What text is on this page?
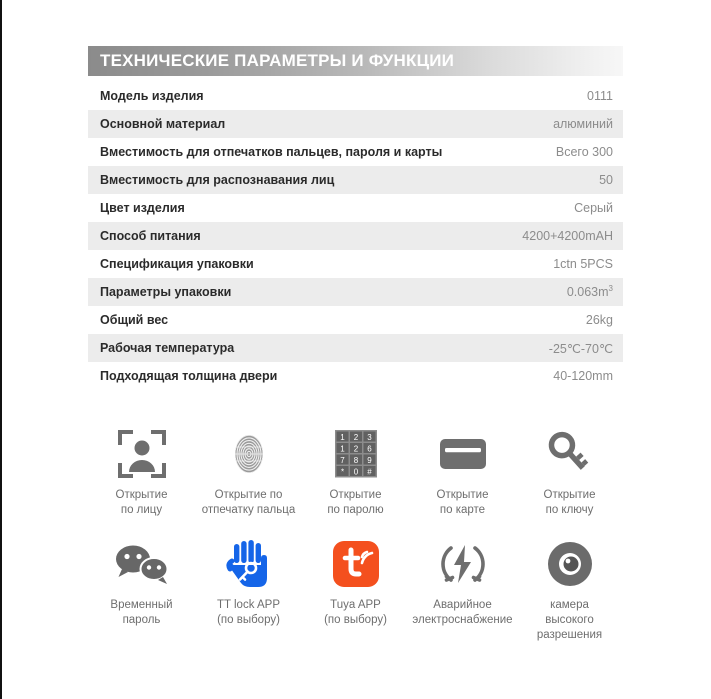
ТЕХНИЧЕСКИЕ ПАРАМЕТРЫ И ФУНКЦИИ
Модель изделия	0111
Основной материал	алюминий
Вместимость для отпечатков пальцев, пароля и карты	Всего 300
Вместимость для распознавания лиц	50
Цвет изделия	Серый
Способ питания	4200+4200mAH
Спецификация упаковки	1ctn 5PCS
Параметры упаковки	$0.063m^3$
Общий вес	26kg
Рабочая температура	-25℃-70℃
Подходящая толщина двери	40-120mm
Открытие
по лицу
Открытие по
отпечатку пальца
1 2 3
1 2 6
7 8 9
* 0 #
Открытие
по паролю
Открытие
по карте
Открытие
по ключу
Временный
пароль
TT lock APP
(по выбору)
Tuya APP
(по выбору)
Аварийное
электроснабжение
камера
высокого
разрешения
